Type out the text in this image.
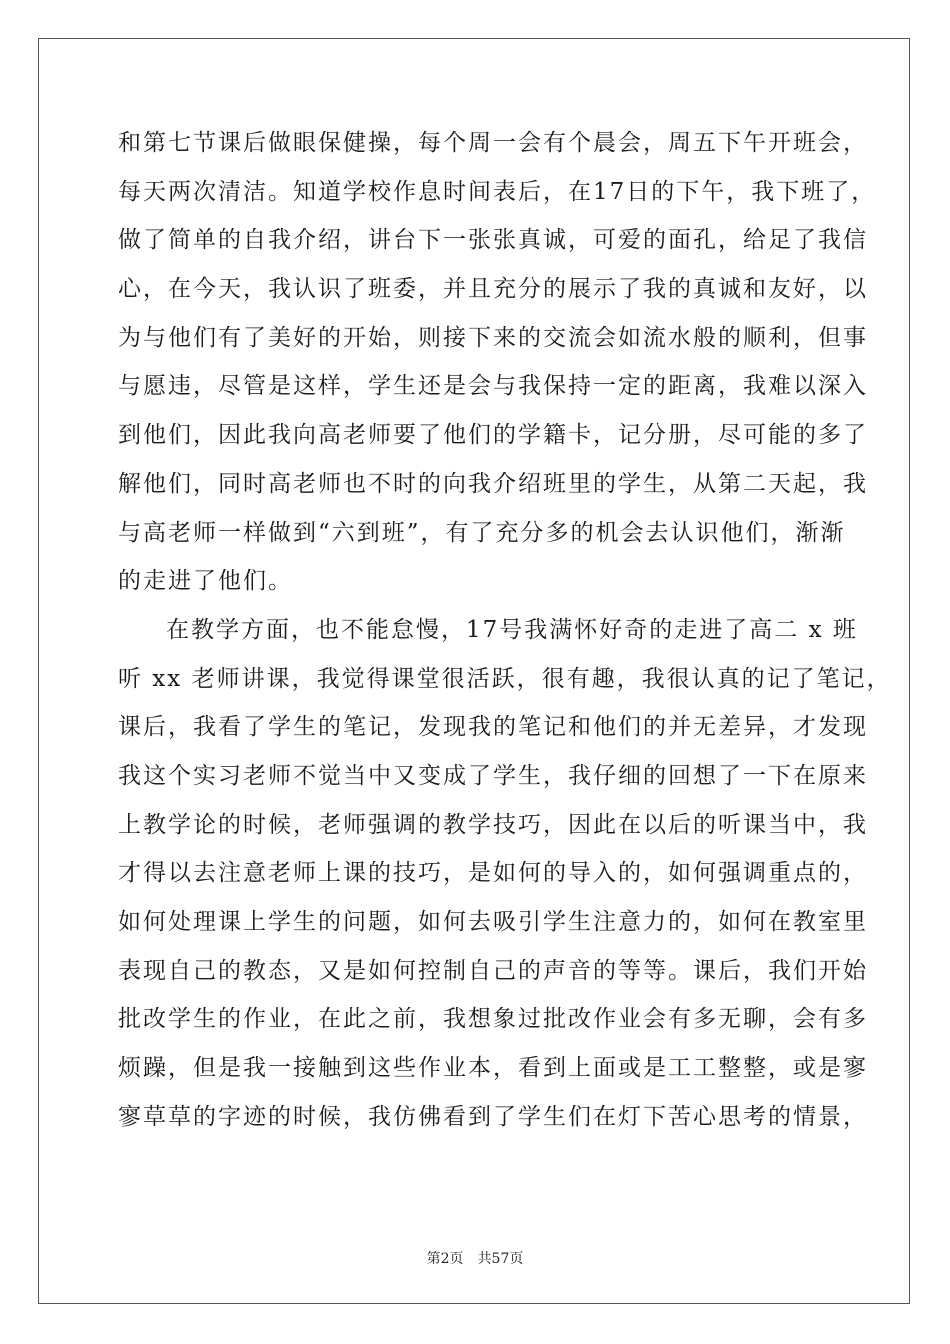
和第七节课后做眼保健操，每个周一会有个晨会，周五下午开班会，
每天两次清洁。知道学校作息时间表后，在17日的下午，我下班了，
做了简单的自我介绍，讲台下一张张真诚，可爱的面孔，给足了我信
心，在今天，我认识了班委，并且充分的展示了我的真诚和友好，以
为与他们有了美好的开始，则接下来的交流会如流水般的顺利，但事
与愿违，尽管是这样，学生还是会与我保持一定的距离，我难以深入
到他们，因此我向高老师要了他们的学籍卡，记分册，尽可能的多了
解他们，同时高老师也不时的向我介绍班里的学生，从第二天起，我
与高老师一样做到“六到班”，有了充分多的机会去认识他们，渐渐
的走进了他们。
在教学方面，也不能怠慢，17号我满怀好奇的走进了高二 x 班
听 xx 老师讲课，我觉得课堂很活跃，很有趣，我很认真的记了笔记，
课后，我看了学生的笔记，发现我的笔记和他们的并无差异，才发现
我这个实习老师不觉当中又变成了学生，我仔细的回想了一下在原来
上教学论的时候，老师强调的教学技巧，因此在以后的听课当中，我
才得以去注意老师上课的技巧，是如何的导入的，如何强调重点的，
如何处理课上学生的问题，如何去吸引学生注意力的，如何在教室里
表现自己的教态，又是如何控制自己的声音的等等。课后，我们开始
批改学生的作业，在此之前，我想象过批改作业会有多无聊，会有多
烦躁，但是我一接触到这些作业本，看到上面或是工工整整，或是寥
寥草草的字迹的时候，我仿佛看到了学生们在灯下苦心思考的情景，
第2页 共57页
